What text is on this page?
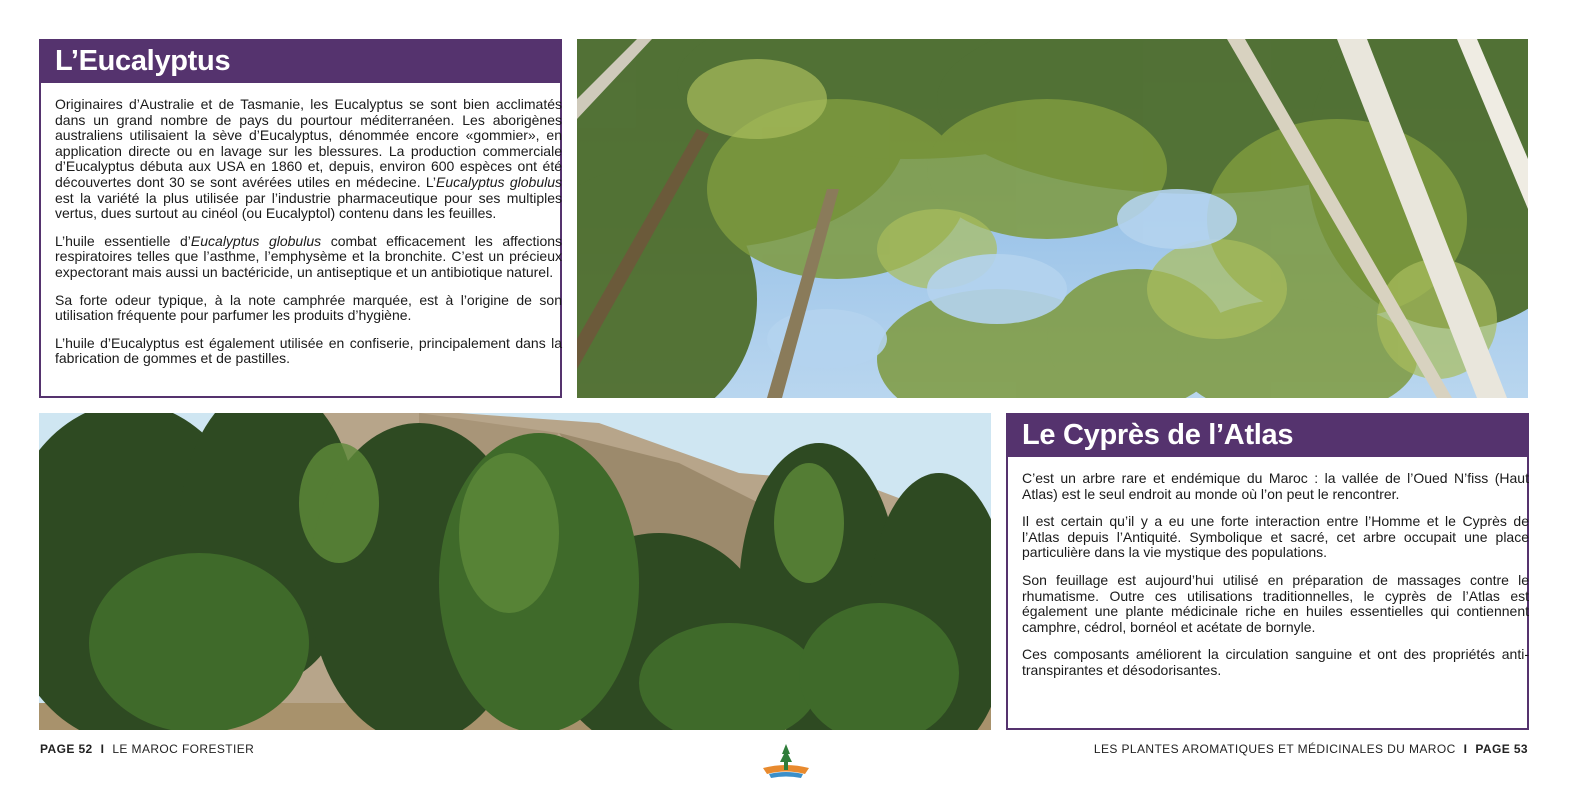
L’Eucalyptus

Originaires d’Australie et de Tasmanie, les Eucalyptus se sont bien acclimatés dans un grand nombre de pays du pourtour méditerranéen. Les aborigènes australiens utilisaient la sève d’Eucalyptus, dénommée encore «gommier», en application directe ou en lavage sur les blessures. La production commerciale d’Eucalyptus débuta aux USA en 1860 et, depuis, environ 600 espèces ont été découvertes dont 30 se sont avérées utiles en médecine. L’Eucalyptus globulus est la variété la plus utilisée par l’industrie pharmaceutique pour ses multiples vertus, dues surtout au cinéol (ou Eucalyptol) contenu dans les feuilles.

L’huile essentielle d’Eucalyptus globulus combat efficacement les affections respiratoires telles que l’asthme, l’emphysème et la bronchite. C’est un précieux expectorant mais aussi un bactéricide, un antiseptique et un antibiotique naturel.

Sa forte odeur typique, à la note camphrée marquée, est à l’origine de son utilisation fréquente pour parfumer les produits d’hygiène.

L’huile d’Eucalyptus est également utilisée en confiserie, principalement dans la fabrication de gommes et de pastilles.

Le Cyprès de l’Atlas

C’est un arbre rare et endémique du Maroc : la vallée de l’Oued N’fiss (Haut Atlas) est le seul endroit au monde où l’on peut le rencontrer.

Il est certain qu’il y a eu une forte interaction entre l’Homme et le Cyprès de l’Atlas depuis l’Antiquité. Symbolique et sacré, cet arbre occupait une place particulière dans la vie mystique des populations.

Son feuillage est aujourd’hui utilisé en préparation de massages contre le rhumatisme. Outre ces utilisations traditionnelles, le cyprès de l’Atlas est également une plante médicinale riche en huiles essentielles qui contiennent camphre, cédrol, bornéol et acétate de bornyle.

Ces composants améliorent la circulation sanguine et ont des propriétés anti-transpirantes et désodorisantes.

PAGE 52 I LE MAROC FORESTIER	LES PLANTES AROMATIQUES ET MÉDICINALES DU MAROC I PAGE 53
